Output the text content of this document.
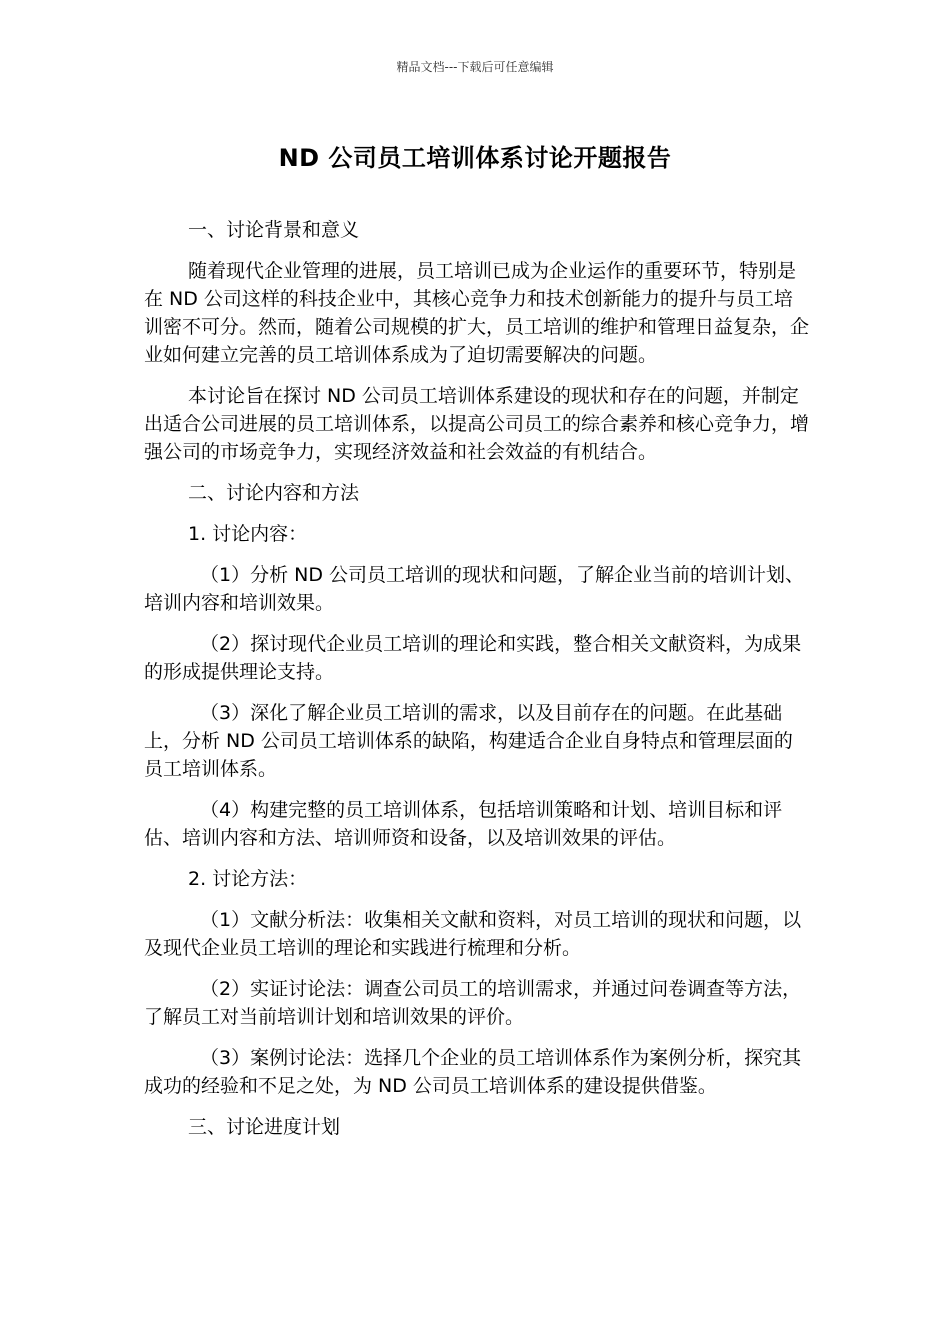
精品文档---下载后可任意编辑
ND 公司员工培训体系讨论开题报告

一、讨论背景和意义

随着现代企业管理的进展，员工培训已成为企业运作的重要环节，特别是在 ND 公司这样的科技企业中，其核心竞争力和技术创新能力的提升与员工培训密不可分。然而，随着公司规模的扩大，员工培训的维护和管理日益复杂，企业如何建立完善的员工培训体系成为了迫切需要解决的问题。

本讨论旨在探讨 ND 公司员工培训体系建设的现状和存在的问题，并制定出适合公司进展的员工培训体系，以提高公司员工的综合素养和核心竞争力，增强公司的市场竞争力，实现经济效益和社会效益的有机结合。

二、讨论内容和方法

1. 讨论内容：

（1）分析 ND 公司员工培训的现状和问题，了解企业当前的培训计划、培训内容和培训效果。

（2）探讨现代企业员工培训的理论和实践，整合相关文献资料，为成果的形成提供理论支持。

（3）深化了解企业员工培训的需求，以及目前存在的问题。在此基础上，分析 ND 公司员工培训体系的缺陷，构建适合企业自身特点和管理层面的员工培训体系。

（4）构建完整的员工培训体系，包括培训策略和计划、培训目标和评估、培训内容和方法、培训师资和设备，以及培训效果的评估。

2. 讨论方法：

（1）文献分析法：收集相关文献和资料，对员工培训的现状和问题，以及现代企业员工培训的理论和实践进行梳理和分析。

（2）实证讨论法：调查公司员工的培训需求，并通过问卷调查等方法，了解员工对当前培训计划和培训效果的评价。

（3）案例讨论法：选择几个企业的员工培训体系作为案例分析，探究其成功的经验和不足之处，为 ND 公司员工培训体系的建设提供借鉴。

三、讨论进度计划
